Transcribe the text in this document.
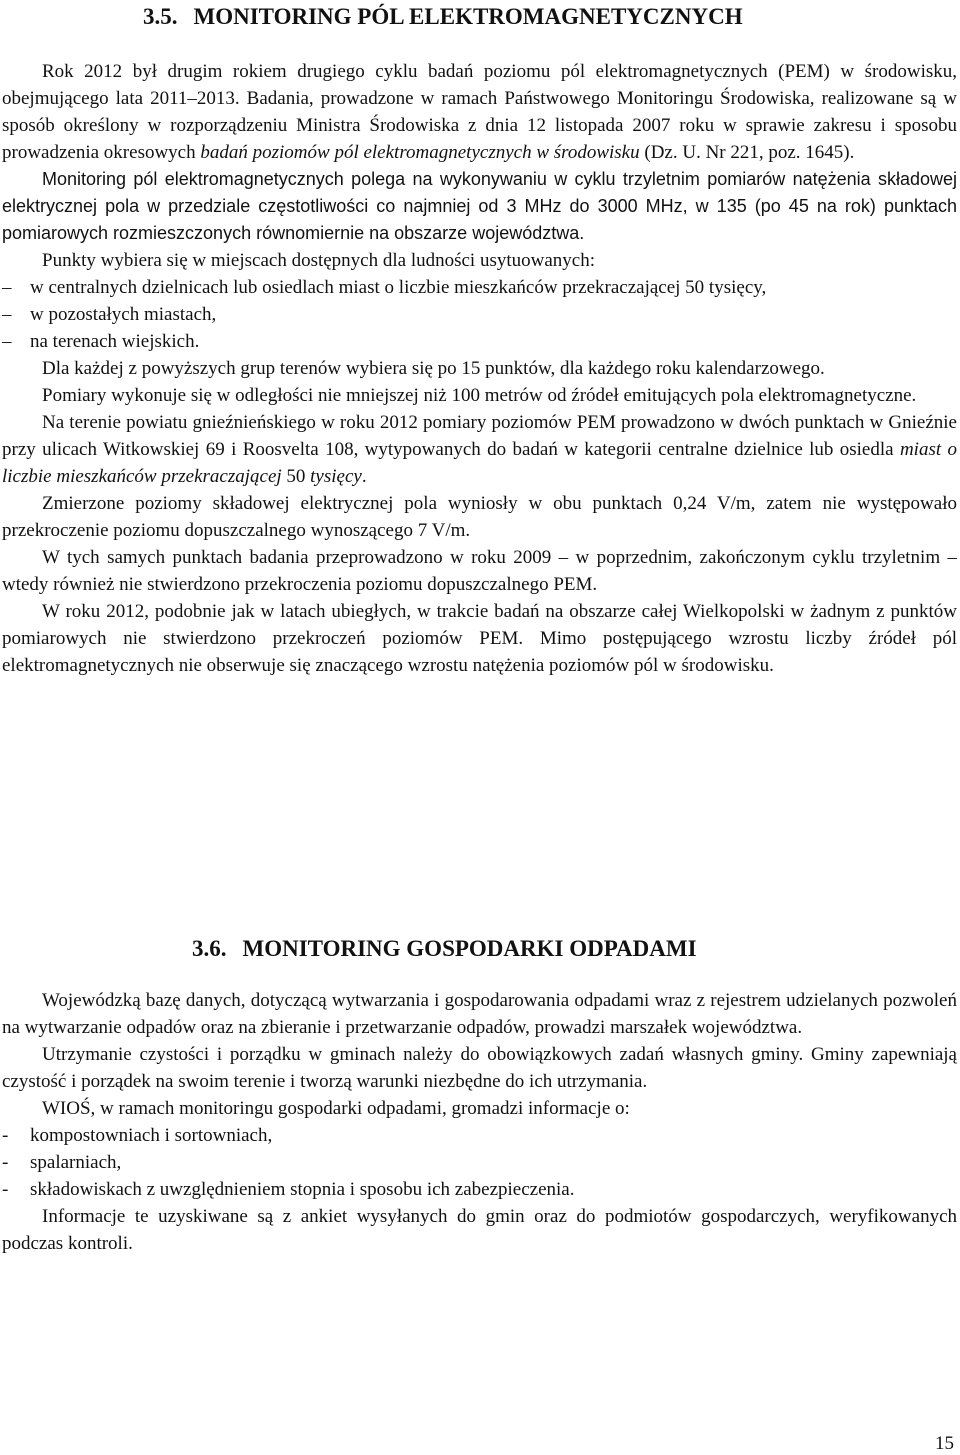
3.5. MONITORING PÓL ELEKTROMAGNETYCZNYCH

Rok 2012 był drugim rokiem drugiego cyklu badań poziomu pól elektromagnetycznych (PEM) w środowisku, obejmującego lata 2011–2013. Badania, prowadzone w ramach Państwowego Monitoringu Środowiska, realizowane są w sposób określony w rozporządzeniu Ministra Środowiska z dnia 12 listopada 2007 roku w sprawie zakresu i sposobu prowadzenia okresowych badań poziomów pól elektromagnetycznych w środowisku (Dz. U. Nr 221, poz. 1645).

Monitoring pól elektromagnetycznych polega na wykonywaniu w cyklu trzyletnim pomiarów natężenia składowej elektrycznej pola w przedziale częstotliwości co najmniej od 3 MHz do 3000 MHz, w 135 (po 45 na rok) punktach pomiarowych rozmieszczonych równomiernie na obszarze województwa.

Punkty wybiera się w miejscach dostępnych dla ludności usytuowanych:

– w centralnych dzielnicach lub osiedlach miast o liczbie mieszkańców przekraczającej 50 tysięcy,
– w pozostałych miastach,
– na terenach wiejskich.

Dla każdej z powyższych grup terenów wybiera się po 15 punktów, dla każdego roku kalendarzowego.

Pomiary wykonuje się w odległości nie mniejszej niż 100 metrów od źródeł emitujących pola elektromagnetyczne.

Na terenie powiatu gnieźnieńskiego w roku 2012 pomiary poziomów PEM prowadzono w dwóch punktach w Gnieźnie przy ulicach Witkowskiej 69 i Roosvelta 108, wytypowanych do badań w kategorii centralne dzielnice lub osiedla miast o liczbie mieszkańców przekraczającej 50 tysięcy.

Zmierzone poziomy składowej elektrycznej pola wyniosły w obu punktach 0,24 V/m, zatem nie występowało przekroczenie poziomu dopuszczalnego wynoszącego 7 V/m.

W tych samych punktach badania przeprowadzono w roku 2009 – w poprzednim, zakończonym cyklu trzyletnim – wtedy również nie stwierdzono przekroczenia poziomu dopuszczalnego PEM.

W roku 2012, podobnie jak w latach ubiegłych, w trakcie badań na obszarze całej Wielkopolski w żadnym z punktów pomiarowych nie stwierdzono przekroczeń poziomów PEM. Mimo postępującego wzrostu liczby źródeł pól elektromagnetycznych nie obserwuje się znaczącego wzrostu natężenia poziomów pól w środowisku.

3.6. MONITORING GOSPODARKI ODPADAMI

Wojewódzką bazę danych, dotyczącą wytwarzania i gospodarowania odpadami wraz z rejestrem udzielanych pozwoleń na wytwarzanie odpadów oraz na zbieranie i przetwarzanie odpadów, prowadzi marszałek województwa.

Utrzymanie czystości i porządku w gminach należy do obowiązkowych zadań własnych gminy. Gminy zapewniają czystość i porządek na swoim terenie i tworzą warunki niezbędne do ich utrzymania.

WIOŚ, w ramach monitoringu gospodarki odpadami, gromadzi informacje o:

- kompostowniach i sortowniach,
- spalarniach,
- składowiskach z uwzględnieniem stopnia i sposobu ich zabezpieczenia.

Informacje te uzyskiwane są z ankiet wysyłanych do gmin oraz do podmiotów gospodarczych, weryfikowanych podczas kontroli.

15
